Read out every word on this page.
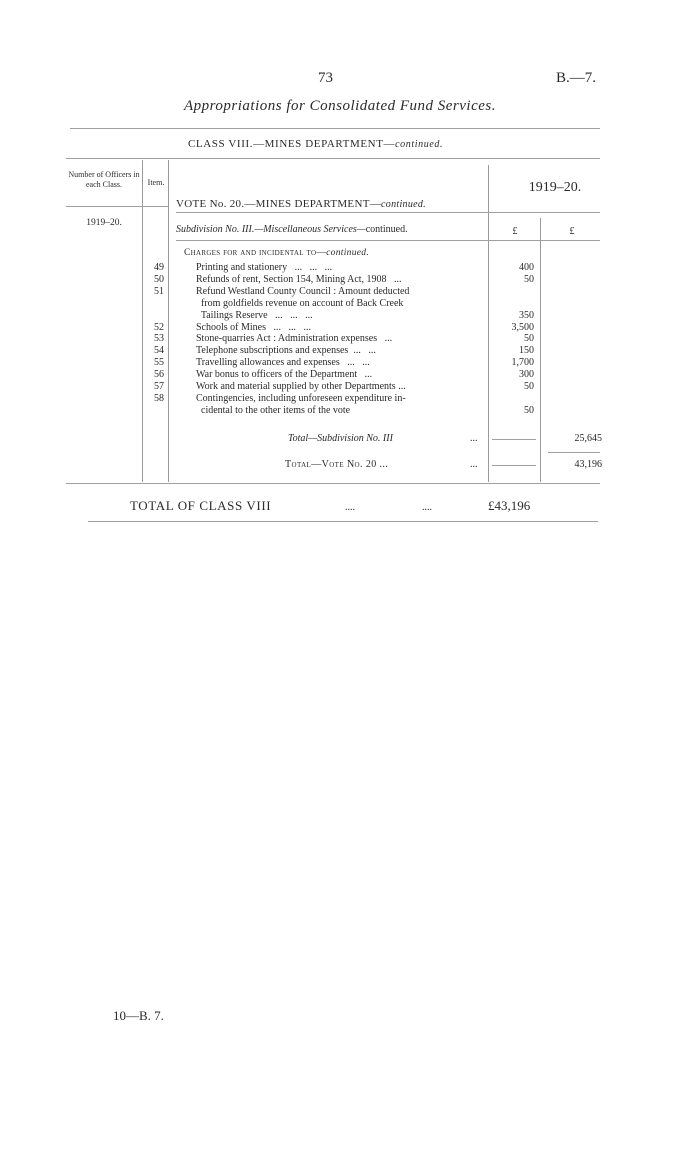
73	B.—7.
Appropriations for Consolidated Fund Services.
CLASS VIII.—MINES DEPARTMENT—continued.
Number of Officers in each Class.	Item.
1919–20.
VOTE No. 20.—MINES DEPARTMENT—continued.
1919–20.
Subdivision No. III.—Miscellaneous Services—continued.	£	£
Charges for and incidental to—continued.
49	Printing and stationery   ...   ...   ...	400
50	Refunds of rent, Section 154, Mining Act, 1908   ...	50
51	Refund Westland County Council : Amount deducted
from goldfields revenue on account of Back Creek
Tailings Reserve   ...   ...   ...	350
52	Schools of Mines   ...   ...   ...	3,500
53	Stone-quarries Act : Administration expenses   ...	50
54	Telephone subscriptions and expenses  ...   ...	150
55	Travelling allowances and expenses   ...   ...	1,700
56	War bonus to officers of the Department   ...	300
57	Work and material supplied by other Departments ...	50
58	Contingencies, including unforeseen expenditure in-
cidental to the other items of the vote	50
Total—Subdivision No. III	...	25,645
Total—Vote No. 20 ...	...	43,196
TOTAL OF CLASS VIII	....	....	£43,196
10—B. 7.
